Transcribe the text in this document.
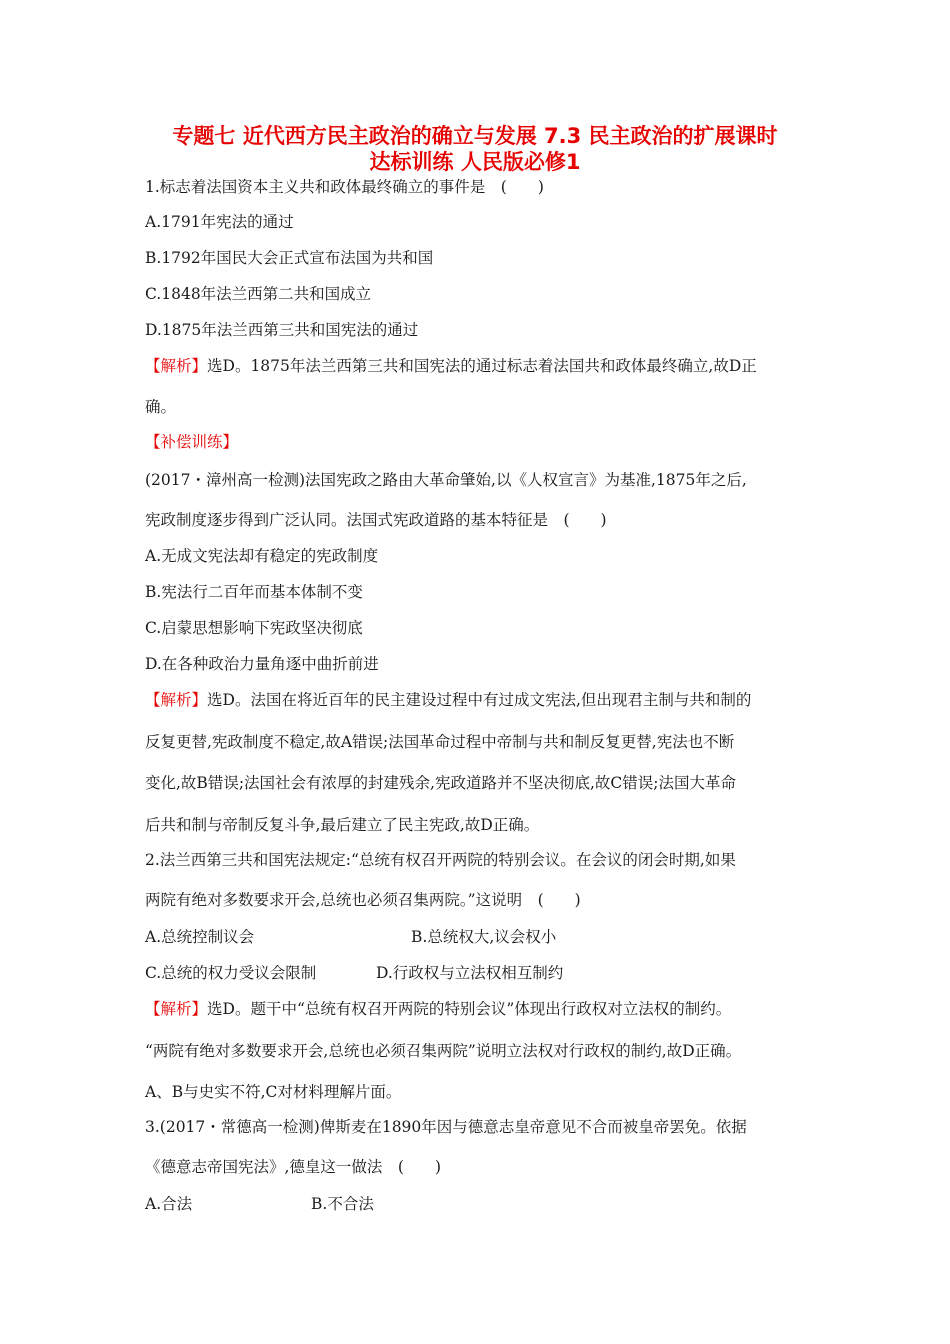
专题七 近代西方民主政治的确立与发展 7.3 民主政治的扩展课时
达标训练 人民版必修1
1.标志着法国资本主义共和政体最终确立的事件是　(　　)
A.1791年宪法的通过
B.1792年国民大会正式宣布法国为共和国
C.1848年法兰西第二共和国成立
D.1875年法兰西第三共和国宪法的通过
【解析】选D。1875年法兰西第三共和国宪法的通过标志着法国共和政体最终确立,故D正
确。
【补偿训练】
(2017・漳州高一检测)法国宪政之路由大革命肇始,以《人权宣言》为基准,1875年之后,
宪政制度逐步得到广泛认同。法国式宪政道路的基本特征是　(　　)
A.无成文宪法却有稳定的宪政制度
B.宪法行二百年而基本体制不变
C.启蒙思想影响下宪政坚决彻底
D.在各种政治力量角逐中曲折前进
【解析】选D。法国在将近百年的民主建设过程中有过成文宪法,但出现君主制与共和制的
反复更替,宪政制度不稳定,故A错误;法国革命过程中帝制与共和制反复更替,宪法也不断
变化,故B错误;法国社会有浓厚的封建残余,宪政道路并不坚决彻底,故C错误;法国大革命
后共和制与帝制反复斗争,最后建立了民主宪政,故D正确。
2.法兰西第三共和国宪法规定:“总统有权召开两院的特别会议。在会议的闭会时期,如果
两院有绝对多数要求开会,总统也必须召集两院。”这说明　(　　)
A.总统控制议会	B.总统权大,议会权小
C.总统的权力受议会限制	D.行政权与立法权相互制约
【解析】选D。题干中“总统有权召开两院的特别会议”体现出行政权对立法权的制约。
“两院有绝对多数要求开会,总统也必须召集两院”说明立法权对行政权的制约,故D正确。
A、B与史实不符,C对材料理解片面。
3.(2017・常德高一检测)俾斯麦在1890年因与德意志皇帝意见不合而被皇帝罢免。依据
《德意志帝国宪法》,德皇这一做法　(　　)
A.合法	B.不合法
